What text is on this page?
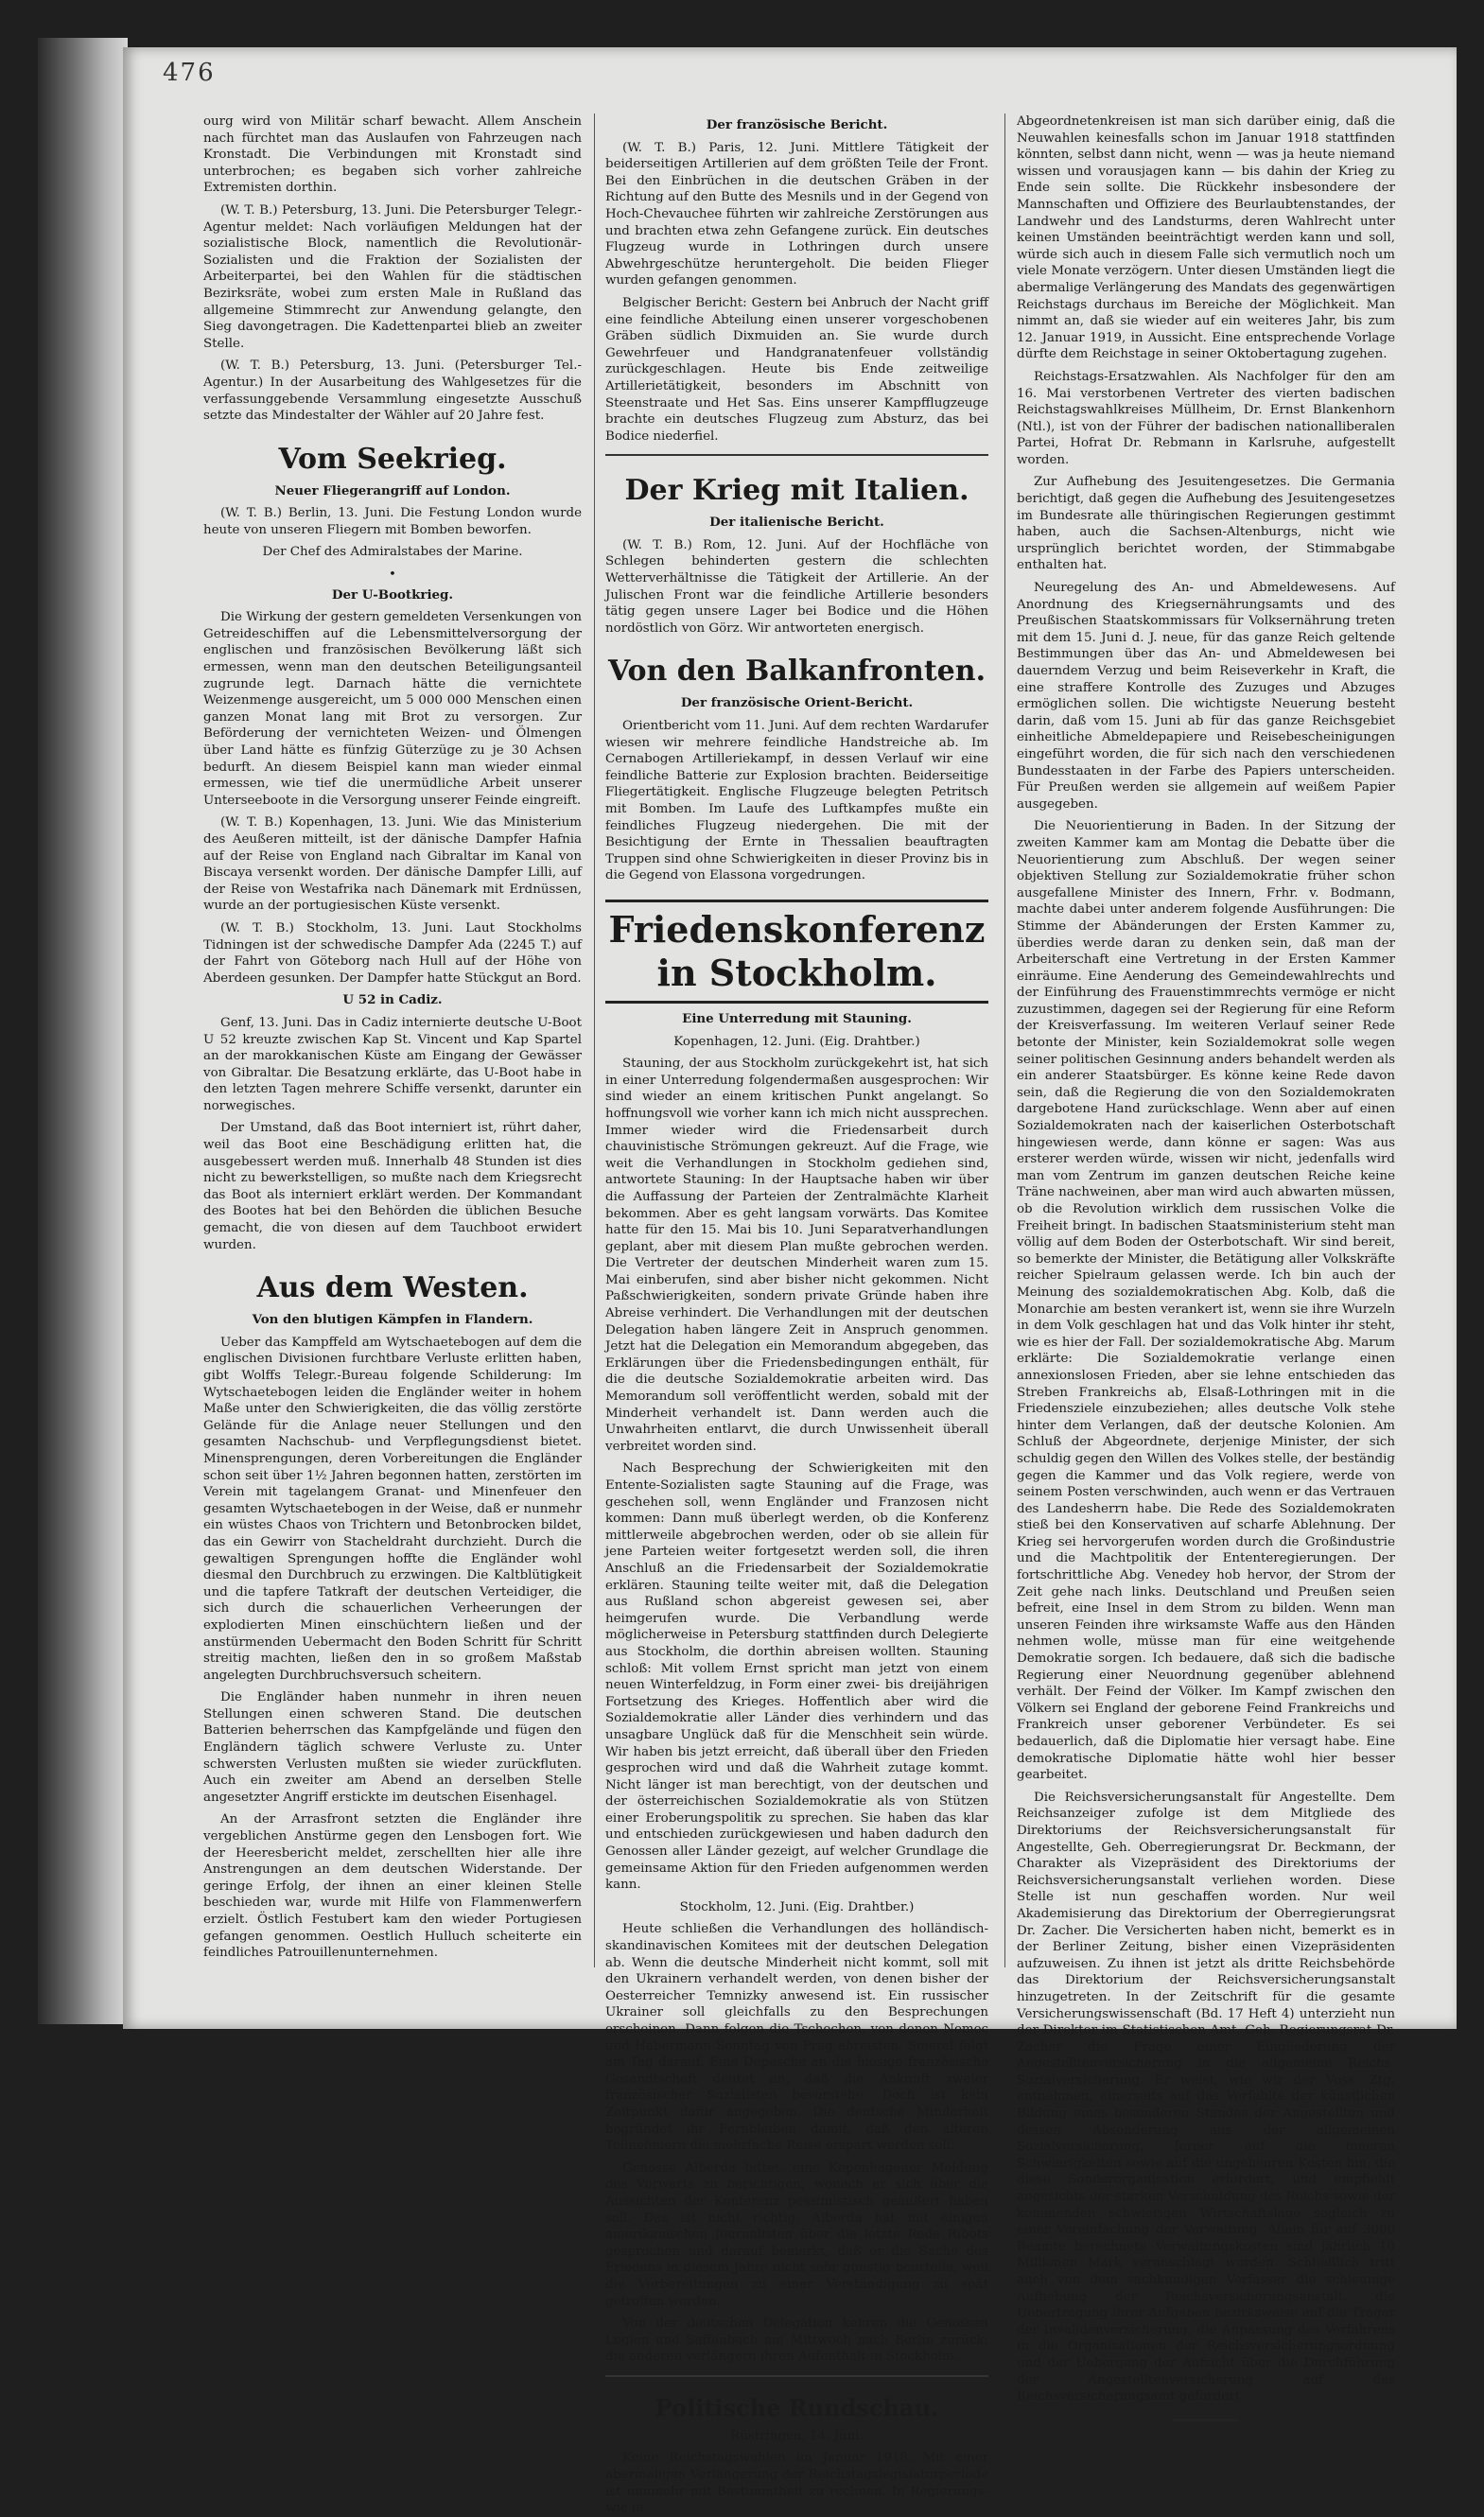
476

ourg wird von Militär scharf bewacht. Allem Anschein nach fürchtet man das Auslaufen von Fahrzeugen nach Kronstadt. Die Verbindungen mit Kronstadt sind unterbrochen; es begaben sich vorher zahlreiche Extremisten dorthin.

(W. T. B.) Petersburg, 13. Juni. Die Petersburger Telegr.-Agentur meldet: Nach vorläufigen Meldungen hat der sozialistische Block, namentlich die Revolutionär-Sozialisten und die Fraktion der Sozialisten der Arbeiterpartei, bei den Wahlen für die städtischen Bezirksräte, wobei zum ersten Male in Rußland das allgemeine Stimmrecht zur Anwendung gelangte, den Sieg davongetragen. Die Kadettenpartei blieb an zweiter Stelle.

(W. T. B.) Petersburg, 13. Juni. (Petersburger Tel.-Agentur.) In der Ausarbeitung des Wahlgesetzes für die verfassunggebende Versammlung eingesetzte Ausschuß setzte das Mindestalter der Wähler auf 20 Jahre fest.

Vom Seekrieg.

Neuer Fliegerangriff auf London.

(W. T. B.) Berlin, 13. Juni. Die Festung London wurde heute von unseren Fliegern mit Bomben beworfen.

Der Chef des Admiralstabes der Marine.

•

Der U-Bootkrieg.

Die Wirkung der gestern gemeldeten Versenkungen von Getreideschiffen auf die Lebensmittelversorgung der englischen und französischen Bevölkerung läßt sich ermessen, wenn man den deutschen Beteiligungsanteil zugrunde legt. Darnach hätte die vernichtete Weizenmenge ausgereicht, um 5 000 000 Menschen einen ganzen Monat lang mit Brot zu versorgen. Zur Beförderung der vernichteten Weizen- und Ölmengen über Land hätte es fünfzig Güterzüge zu je 30 Achsen bedurft. An diesem Beispiel kann man wieder einmal ermessen, wie tief die unermüdliche Arbeit unserer Unterseeboote in die Versorgung unserer Feinde eingreift.

(W. T. B.) Kopenhagen, 13. Juni. Wie das Ministerium des Aeußeren mitteilt, ist der dänische Dampfer Hafnia auf der Reise von England nach Gibraltar im Kanal von Biscaya versenkt worden. Der dänische Dampfer Lilli, auf der Reise von Westafrika nach Dänemark mit Erdnüssen, wurde an der portugiesischen Küste versenkt.

(W. T. B.) Stockholm, 13. Juni. Laut Stockholms Tidningen ist der schwedische Dampfer Ada (2245 T.) auf der Fahrt von Göteborg nach Hull auf der Höhe von Aberdeen gesunken. Der Dampfer hatte Stückgut an Bord.

U 52 in Cadiz.

Genf, 13. Juni. Das in Cadiz internierte deutsche U-Boot U 52 kreuzte zwischen Kap St. Vincent und Kap Spartel an der marokkanischen Küste am Eingang der Gewässer von Gibraltar. Die Besatzung erklärte, das U-Boot habe in den letzten Tagen mehrere Schiffe versenkt, darunter ein norwegisches.

Der Umstand, daß das Boot interniert ist, rührt daher, weil das Boot eine Beschädigung erlitten hat, die ausgebessert werden muß. Innerhalb 48 Stunden ist dies nicht zu bewerkstelligen, so mußte nach dem Kriegsrecht das Boot als interniert erklärt werden. Der Kommandant des Bootes hat bei den Behörden die üblichen Besuche gemacht, die von diesen auf dem Tauchboot erwidert wurden.

Aus dem Westen.

Von den blutigen Kämpfen in Flandern.

Ueber das Kampffeld am Wytschaetebogen auf dem die englischen Divisionen furchtbare Verluste erlitten haben, gibt Wolffs Telegr.-Bureau folgende Schilderung: Im Wytschaetebogen leiden die Engländer weiter in hohem Maße unter den Schwierigkeiten, die das völlig zerstörte Gelände für die Anlage neuer Stellungen und den gesamten Nachschub- und Verpflegungsdienst bietet. Minensprengungen, deren Vorbereitungen die Engländer schon seit über 1½ Jahren begonnen hatten, zerstörten im Verein mit tagelangem Granat- und Minenfeuer den gesamten Wytschaetebogen in der Weise, daß er nunmehr ein wüstes Chaos von Trichtern und Betonbrocken bildet, das ein Gewirr von Stacheldraht durchzieht. Durch die gewaltigen Sprengungen hoffte die Engländer wohl diesmal den Durchbruch zu erzwingen. Die Kaltblütigkeit und die tapfere Tatkraft der deutschen Verteidiger, die sich durch die schauerlichen Verheerungen der explodierten Minen einschüchtern ließen und der anstürmenden Uebermacht den Boden Schritt für Schritt streitig machten, ließen den in so großem Maßstab angelegten Durchbruchsversuch scheitern.

Die Engländer haben nunmehr in ihren neuen Stellungen einen schweren Stand. Die deutschen Batterien beherrschen das Kampfgelände und fügen den Engländern täglich schwere Verluste zu. Unter schwersten Verlusten mußten sie wieder zurückfluten. Auch ein zweiter am Abend an derselben Stelle angesetzter Angriff erstickte im deutschen Eisenhagel.

An der Arrasfront setzten die Engländer ihre vergeblichen Anstürme gegen den Lensbogen fort. Wie der Heeresbericht meldet, zerschellten hier alle ihre Anstrengungen an dem deutschen Widerstande. Der geringe Erfolg, der ihnen an einer kleinen Stelle beschieden war, wurde mit Hilfe von Flammenwerfern erzielt. Östlich Festubert kam den wieder Portugiesen gefangen genommen. Oestlich Hulluch scheiterte ein feindliches Patrouillenunternehmen.

Der französische Bericht.

(W. T. B.) Paris, 12. Juni. Mittlere Tätigkeit der beiderseitigen Artillerien auf dem größten Teile der Front. Bei den Einbrüchen in die deutschen Gräben in der Richtung auf den Butte des Mesnils und in der Gegend von Hoch-Chevauchee führten wir zahlreiche Zerstörungen aus und brachten etwa zehn Gefangene zurück. Ein deutsches Flugzeug wurde in Lothringen durch unsere Abwehrgeschütze heruntergeholt. Die beiden Flieger wurden gefangen genommen.

Belgischer Bericht: Gestern bei Anbruch der Nacht griff eine feindliche Abteilung einen unserer vorgeschobenen Gräben südlich Dixmuiden an. Sie wurde durch Gewehrfeuer und Handgranatenfeuer vollständig zurückgeschlagen. Heute bis Ende zeitweilige Artillerietätigkeit, besonders im Abschnitt von Steenstraate und Het Sas. Eins unserer Kampfflugzeuge brachte ein deutsches Flugzeug zum Absturz, das bei Bodice niederfiel.

Der Krieg mit Italien.

Der italienische Bericht.

(W. T. B.) Rom, 12. Juni. Auf der Hochfläche von Schlegen behinderten gestern die schlechten Wetterverhältnisse die Tätigkeit der Artillerie. An der Julischen Front war die feindliche Artillerie besonders tätig gegen unsere Lager bei Bodice und die Höhen nordöstlich von Görz. Wir antworteten energisch.

Von den Balkanfronten.

Der französische Orient-Bericht.

Orientbericht vom 11. Juni. Auf dem rechten Wardarufer wiesen wir mehrere feindliche Handstreiche ab. Im Cernabogen Artilleriekampf, in dessen Verlauf wir eine feindliche Batterie zur Explosion brachten. Beiderseitige Fliegertätigkeit. Englische Flugzeuge belegten Petritsch mit Bomben. Im Laufe des Luftkampfes mußte ein feindliches Flugzeug niedergehen. Die mit der Besichtigung der Ernte in Thessalien beauftragten Truppen sind ohne Schwierigkeiten in dieser Provinz bis in die Gegend von Elassona vorgedrungen.

Friedenskonferenz in Stockholm.

Eine Unterredung mit Stauning.

Kopenhagen, 12. Juni. (Eig. Drahtber.)

Stauning, der aus Stockholm zurückgekehrt ist, hat sich in einer Unterredung folgendermaßen ausgesprochen: Wir sind wieder an einem kritischen Punkt angelangt. So hoffnungsvoll wie vorher kann ich mich nicht aussprechen. Immer wieder wird die Friedensarbeit durch chauvinistische Strömungen gekreuzt. Auf die Frage, wie weit die Verhandlungen in Stockholm gediehen sind, antwortete Stauning: In der Hauptsache haben wir über die Auffassung der Parteien der Zentralmächte Klarheit bekommen. Aber es geht langsam vorwärts. Das Komitee hatte für den 15. Mai bis 10. Juni Separatverhandlungen geplant, aber mit diesem Plan mußte gebrochen werden. Die Vertreter der deutschen Minderheit waren zum 15. Mai einberufen, sind aber bisher nicht gekommen. Nicht Paßschwierigkeiten, sondern private Gründe haben ihre Abreise verhindert. Die Verhandlungen mit der deutschen Delegation haben längere Zeit in Anspruch genommen. Jetzt hat die Delegation ein Memorandum abgegeben, das Erklärungen über die Friedensbedingungen enthält, für die die deutsche Sozialdemokratie arbeiten wird. Das Memorandum soll veröffentlicht werden, sobald mit der Minderheit verhandelt ist. Dann werden auch die Unwahrheiten entlarvt, die durch Unwissenheit überall verbreitet worden sind.

Nach Besprechung der Schwierigkeiten mit den Entente-Sozialisten sagte Stauning auf die Frage, was geschehen soll, wenn Engländer und Franzosen nicht kommen: Dann muß überlegt werden, ob die Konferenz mittlerweile abgebrochen werden, oder ob sie allein für jene Parteien weiter fortgesetzt werden soll, die ihren Anschluß an die Friedensarbeit der Sozialdemokratie erklären. Stauning teilte weiter mit, daß die Delegation aus Rußland schon abgereist gewesen sei, aber heimgerufen wurde. Die Verbandlung werde möglicherweise in Petersburg stattfinden durch Delegierte aus Stockholm, die dorthin abreisen wollten. Stauning schloß: Mit vollem Ernst spricht man jetzt von einem neuen Winterfeldzug, in Form einer zwei- bis dreijährigen Fortsetzung des Krieges. Hoffentlich aber wird die Sozialdemokratie aller Länder dies verhindern und das unsagbare Unglück daß für die Menschheit sein würde. Wir haben bis jetzt erreicht, daß überall über den Frieden gesprochen wird und daß die Wahrheit zutage kommt. Nicht länger ist man berechtigt, von der deutschen und der österreichischen Sozialdemokratie als von Stützen einer Eroberungspolitik zu sprechen. Sie haben das klar und entschieden zurückgewiesen und haben dadurch den Genossen aller Länder gezeigt, auf welcher Grundlage die gemeinsame Aktion für den Frieden aufgenommen werden kann.

Stockholm, 12. Juni. (Eig. Drahtber.)

Heute schließen die Verhandlungen des holländisch-skandinavischen Komitees mit der deutschen Delegation ab. Wenn die deutsche Minderheit nicht kommt, soll mit den Ukrainern verhandelt werden, von denen bisher der Oesterreicher Temnizky anwesend ist. Ein russischer Ukrainer soll gleichfalls zu den Besprechungen erscheinen. Dann folgen die Tschechen, von denen Nemec und Habermann Sonntag von Prag abreisten. Smeral folgt am Tag darauf. Eine Depesche an die hiesige französische Gesandtschaft deutet an, daß die Ankunft zweier französischer Sozialisten bevorstehe. Doch ist kein Zeitpunkt dafür angegeben. Die deutsche Minderheit begründet ihr Fernbleiben damit, daß den älteren Teilnehmern die mehrfache Reise erspart werden soll.

Genosse Alberda bittet, eine Kopenhagener Meldung des Vorwärts zu berichtigen, wonach er sich über die Aussichten der Konferenz pessimistisch geäußert haben soll. Das ist nicht richtig. Alberda hat mit einigen amerikanischen Journalisten über die letzte Rede Ribots gesprochen und darauf bemerkt, daß er die Sache des Friedens in diesem Jahre nicht sehr günstig beurteile, weil die Vorbereitungen zu einer Verständigung zu spät getroffen werden.

Von der deutschen Delegation kehren die Genossen Legien und Saffenbach am Mittwoch nach Berlin zurück; die anderen verlängern ihren Aufenthalt in Stockholm.

Politische Rundschau.

Rüstringen, 14. Juni.

Keine Reichstagswahlen im Januar 1918. Mit einer abermaligen Verlängerung der Reichstagslegislaturperiode ist nunmehr mit Bestimmtheit zu rechnen. In Regierungs- wie in

Abgeordnetenkreisen ist man sich darüber einig, daß die Neuwahlen keinesfalls schon im Januar 1918 stattfinden könnten, selbst dann nicht, wenn — was ja heute niemand wissen und vorausjagen kann — bis dahin der Krieg zu Ende sein sollte. Die Rückkehr insbesondere der Mannschaften und Offiziere des Beurlaubtenstandes, der Landwehr und des Landsturms, deren Wahlrecht unter keinen Umständen beeinträchtigt werden kann und soll, würde sich auch in diesem Falle sich vermutlich noch um viele Monate verzögern. Unter diesen Umständen liegt die abermalige Verlängerung des Mandats des gegenwärtigen Reichstags durchaus im Bereiche der Möglichkeit. Man nimmt an, daß sie wieder auf ein weiteres Jahr, bis zum 12. Januar 1919, in Aussicht. Eine entsprechende Vorlage dürfte dem Reichstage in seiner Oktobertagung zugehen.

Reichstags-Ersatzwahlen. Als Nachfolger für den am 16. Mai verstorbenen Vertreter des vierten badischen Reichstagswahlkreises Müllheim, Dr. Ernst Blankenhorn (Ntl.), ist von der Führer der badischen nationalliberalen Partei, Hofrat Dr. Rebmann in Karlsruhe, aufgestellt worden.

Zur Aufhebung des Jesuitengesetzes. Die Germania berichtigt, daß gegen die Aufhebung des Jesuitengesetzes im Bundesrate alle thüringischen Regierungen gestimmt haben, auch die Sachsen-Altenburgs, nicht wie ursprünglich berichtet worden, der Stimmabgabe enthalten hat.

Neuregelung des An- und Abmeldewesens. Auf Anordnung des Kriegsernährungsamts und des Preußischen Staatskommissars für Volksernährung treten mit dem 15. Juni d. J. neue, für das ganze Reich geltende Bestimmungen über das An- und Abmeldewesen bei dauerndem Verzug und beim Reiseverkehr in Kraft, die eine straffere Kontrolle des Zuzuges und Abzuges ermöglichen sollen. Die wichtigste Neuerung besteht darin, daß vom 15. Juni ab für das ganze Reichsgebiet einheitliche Abmeldepapiere und Reisebescheinigungen eingeführt worden, die für sich nach den verschiedenen Bundesstaaten in der Farbe des Papiers unterscheiden. Für Preußen werden sie allgemein auf weißem Papier ausgegeben.

Die Neuorientierung in Baden. In der Sitzung der zweiten Kammer kam am Montag die Debatte über die Neuorientierung zum Abschluß. Der wegen seiner objektiven Stellung zur Sozialdemokratie früher schon ausgefallene Minister des Innern, Frhr. v. Bodmann, machte dabei unter anderem folgende Ausführungen: Die Stimme der Abänderungen der Ersten Kammer zu, überdies werde daran zu denken sein, daß man der Arbeiterschaft eine Vertretung in der Ersten Kammer einräume. Eine Aenderung des Gemeindewahlrechts und der Einführung des Frauenstimmrechts vermöge er nicht zuzustimmen, dagegen sei der Regierung für eine Reform der Kreisverfassung. Im weiteren Verlauf seiner Rede betonte der Minister, kein Sozialdemokrat solle wegen seiner politischen Gesinnung anders behandelt werden als ein anderer Staatsbürger. Es könne keine Rede davon sein, daß die Regierung die von den Sozialdemokraten dargebotene Hand zurückschlage. Wenn aber auf einen Sozialdemokraten nach der kaiserlichen Osterbotschaft hingewiesen werde, dann könne er sagen: Was aus ersterer werden würde, wissen wir nicht, jedenfalls wird man vom Zentrum im ganzen deutschen Reiche keine Träne nachweinen, aber man wird auch abwarten müssen, ob die Revolution wirklich dem russischen Volke die Freiheit bringt. In badischen Staatsministerium steht man völlig auf dem Boden der Osterbotschaft. Wir sind bereit, so bemerkte der Minister, die Betätigung aller Volkskräfte reicher Spielraum gelassen werde. Ich bin auch der Meinung des sozialdemokratischen Abg. Kolb, daß die Monarchie am besten verankert ist, wenn sie ihre Wurzeln in dem Volk geschlagen hat und das Volk hinter ihr steht, wie es hier der Fall. Der sozialdemokratische Abg. Marum erklärte: Die Sozialdemokratie verlange einen annexionslosen Frieden, aber sie lehne entschieden das Streben Frankreichs ab, Elsaß-Lothringen mit in die Friedensziele einzubeziehen; alles deutsche Volk stehe hinter dem Verlangen, daß der deutsche Kolonien. Am Schluß der Abgeordnete, derjenige Minister, der sich schuldig gegen den Willen des Volkes stelle, der beständig gegen die Kammer und das Volk regiere, werde von seinem Posten verschwinden, auch wenn er das Vertrauen des Landesherrn habe. Die Rede des Sozialdemokraten stieß bei den Konservativen auf scharfe Ablehnung. Der Krieg sei hervorgerufen worden durch die Großindustrie und die Machtpolitik der Ententeregierungen. Der fortschrittliche Abg. Venedey hob hervor, der Strom der Zeit gehe nach links. Deutschland und Preußen seien befreit, eine Insel in dem Strom zu bilden. Wenn man unseren Feinden ihre wirksamste Waffe aus den Händen nehmen wolle, müsse man für eine weitgehende Demokratie sorgen. Ich bedauere, daß sich die badische Regierung einer Neuordnung gegenüber ablehnend verhält. Der Feind der Völker. Im Kampf zwischen den Völkern sei England der geborene Feind Frankreichs und Frankreich unser geborener Verbündeter. Es sei bedauerlich, daß die Diplomatie hier versagt habe. Eine demokratische Diplomatie hätte wohl hier besser gearbeitet.

Die Reichsversicherungsanstalt für Angestellte. Dem Reichsanzeiger zufolge ist dem Mitgliede des Direktoriums der Reichsversicherungsanstalt für Angestellte, Geh. Oberregierungsrat Dr. Beckmann, der Charakter als Vizepräsident des Direktoriums der Reichsversicherungsanstalt verliehen worden. Diese Stelle ist nun geschaffen worden. Nur weil Akademisierung das Direktorium der Oberregierungsrat Dr. Zacher. Die Versicherten haben nicht, bemerkt es in der Berliner Zeitung, bisher einen Vizepräsidenten aufzuweisen. Zu ihnen ist jetzt als dritte Reichsbehörde das Direktorium der Reichsversicherungsanstalt hinzugetreten. In der Zeitschrift für die gesamte Versicherungswissenschaft (Bd. 17 Heft 4) unterzieht nun der Direktor im Statistischen Amt, Geh. Regierungsrat Dr. Zacher die Frage einer Eingliederung der Angestelltenversicherung in die allgemeine Reichs-Sozialversicherung. Er weist, wie wir der Voss. Ztg. entnehmen, einerseits auf das Verfehlte der künstlichen Bildung eines besonderen Standes der Angestellten und dessen Absonderung aus der allgemeinen Sozialversicherung, ferner auf die inneren Schwierigkeiten sowie auf die ungeheuren Kosten hin, die diese Sonderorganisation erfordert, und empfiehlt angesichts der starken Verschuldung des Reichs sowie der kommenden schwierigen Wirtschaftslage sogleich zu einer Vereinfachung der Verwaltung. Allein für auf 3000 Beamte berechnete Verwaltungskosten sind jährlich 10 Millionen Mark veranschlagt worden. Schließlich tritt auch von dem sachkundigen Verfasser die schleunige Aufhebung der Reichsversicherungsanstalt, die Uebertragung ihrer Aufgaben bezirksweise auf die Träger der Invalidenversicherung, die Anpassung des Verfahrens in die Organisationen der Reichsversicherungsordnung und der Uebergang der Aufsicht über die Durchführung der Angestelltenversicherung auf das Reichsversicherungsamt gefordert.
